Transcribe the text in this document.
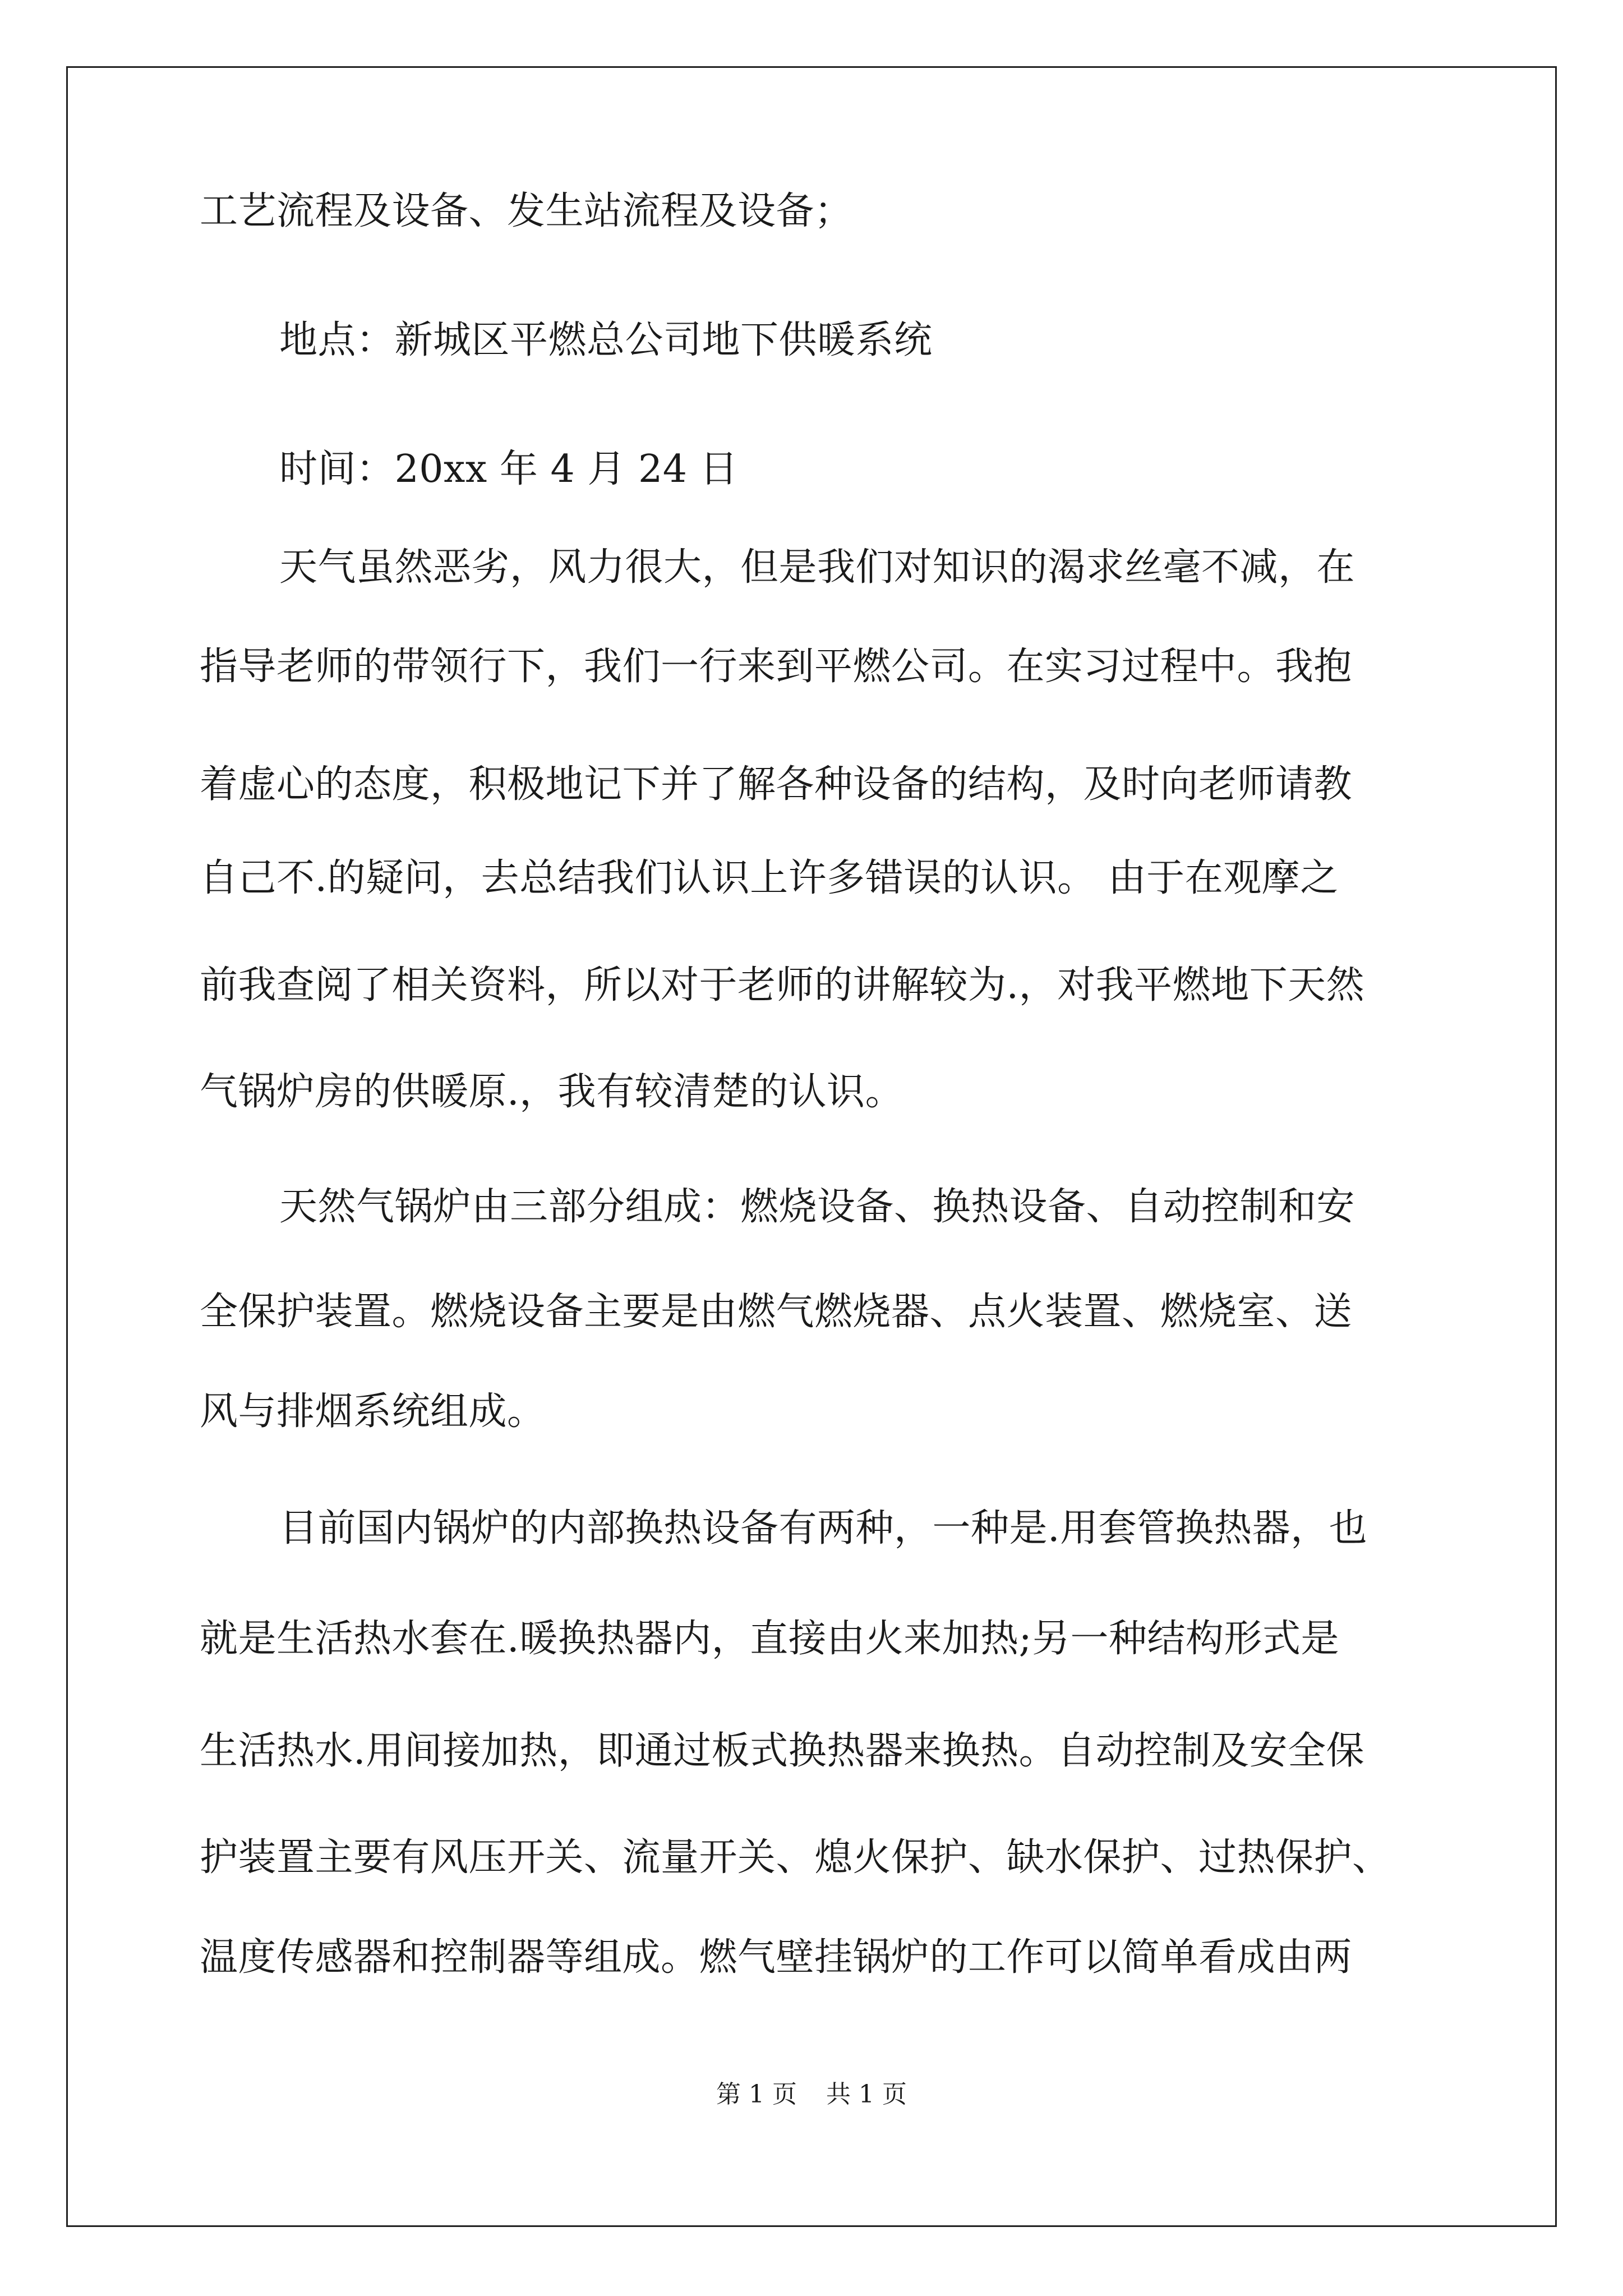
工艺流程及设备、发生站流程及设备；
地点：新城区平燃总公司地下供暖系统
时间：20xx 年 4 月 24 日
天气虽然恶劣，风力很大，但是我们对知识的渴求丝毫不减，在
指导老师的带领行下，我们一行来到平燃公司。在实习过程中。我抱
着虚心的态度，积极地记下并了解各种设备的结构，及时向老师请教
自己不.的疑问，去总结我们认识上许多错误的认识。 由于在观摩之
前我查阅了相关资料，所以对于老师的讲解较为.，对我平燃地下天然
气锅炉房的供暖原.，我有较清楚的认识。
天然气锅炉由三部分组成：燃烧设备、换热设备、自动控制和安
全保护装置。燃烧设备主要是由燃气燃烧器、点火装置、燃烧室、送
风与排烟系统组成。
目前国内锅炉的内部换热设备有两种，一种是.用套管换热器，也
就是生活热水套在.暖换热器内，直接由火来加热;另一种结构形式是
生活热水.用间接加热，即通过板式换热器来换热。自动控制及安全保
护装置主要有风压开关、流量开关、熄火保护、缺水保护、过热保护、
温度传感器和控制器等组成。燃气壁挂锅炉的工作可以简单看成由两
第 1 页 共 1 页
